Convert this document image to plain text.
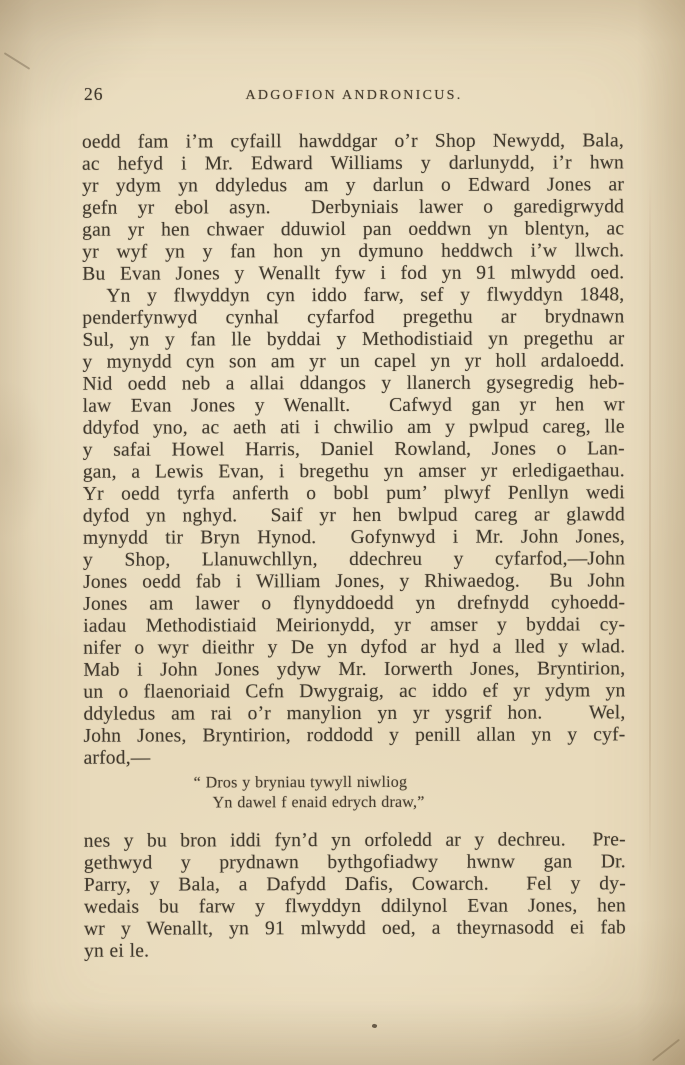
26	ADGOFION ANDRONICUS.
oedd fam i’m cyfaill hawddgar o’r Shop Newydd, Bala,
ac hefyd i Mr. Edward Williams y darlunydd, i’r hwn
yr ydym yn ddyledus am y darlun o Edward Jones ar
gefn yr ebol asyn.  Derbyniais lawer o garedigrwydd
gan yr hen chwaer dduwiol pan oeddwn yn blentyn, ac
yr wyf yn y fan hon yn dymuno heddwch i’w llwch.
Bu Evan Jones y Wenallt fyw i fod yn 91 mlwydd oed.
Yn y flwyddyn cyn iddo farw, sef y flwyddyn 1848,
penderfynwyd cynhal cyfarfod pregethu ar brydnawn
Sul, yn y fan lle byddai y Methodistiaid yn pregethu ar
y mynydd cyn son am yr un capel yn yr holl ardaloedd.
Nid oedd neb a allai ddangos y llanerch gysegredig heb-
law Evan Jones y Wenallt.  Cafwyd gan yr hen wr
ddyfod yno, ac aeth ati i chwilio am y pwlpud careg, lle
y safai Howel Harris, Daniel Rowland, Jones o Lan-
gan, a Lewis Evan, i bregethu yn amser yr erledigaethau.
Yr oedd tyrfa anferth o bobl pum’ plwyf Penllyn wedi
dyfod yn nghyd.  Saif yr hen bwlpud careg ar glawdd
mynydd tir Bryn Hynod.  Gofynwyd i Mr. John Jones,
y Shop, Llanuwchllyn, ddechreu y cyfarfod,—John
Jones oedd fab i William Jones, y Rhiwaedog.  Bu John
Jones am lawer o flynyddoedd yn drefnydd cyhoedd-
iadau Methodistiaid Meirionydd, yr amser y byddai cy-
nifer o wyr dieithr y De yn dyfod ar hyd a lled y wlad.
Mab i John Jones ydyw Mr. Iorwerth Jones, Bryntirion,
un o flaenoriaid Cefn Dwygraig, ac iddo ef yr ydym yn
ddyledus am rai o’r manylion yn yr ysgrif hon.   Wel,
John Jones, Bryntirion, roddodd y penill allan yn y cyf-
arfod,—
“ Dros y bryniau tywyll niwliog
Yn dawel f enaid edrych draw,”
nes y bu bron iddi fyn’d yn orfoledd ar y dechreu.  Pre-
gethwyd y prydnawn bythgofiadwy hwnw gan Dr.
Parry, y Bala, a Dafydd Dafis, Cowarch.  Fel y dy-
wedais bu farw y flwyddyn ddilynol Evan Jones, hen
wr y Wenallt, yn 91 mlwydd oed, a theyrnasodd ei fab
yn ei le.
